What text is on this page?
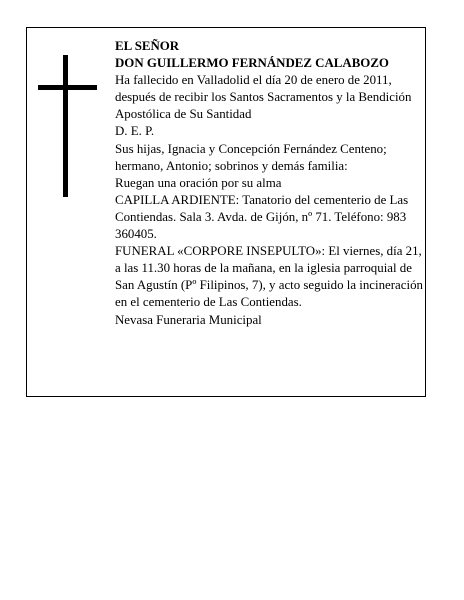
EL SEÑOR

DON GUILLERMO FERNÁNDEZ CALABOZO

Ha fallecido en Valladolid el día 20 de enero de 2011, después de recibir los Santos Sacramentos y la Bendición Apostólica de Su Santidad

D. E. P.

Sus hijas, Ignacia y Concepción Fernández Centeno; hermano, Antonio; sobrinos y demás familia:

Ruegan una oración por su alma

CAPILLA ARDIENTE: Tanatorio del cementerio de Las Contiendas. Sala 3. Avda. de Gijón, nº 71. Teléfono: 983 360405.

FUNERAL «CORPORE INSEPULTO»: El viernes, día 21, a las 11.30 horas de la mañana, en la iglesia parroquial de San Agustín (Pº Filipinos, 7), y acto seguido la incineración en el cementerio de Las Contiendas.

Nevasa Funeraria Municipal
